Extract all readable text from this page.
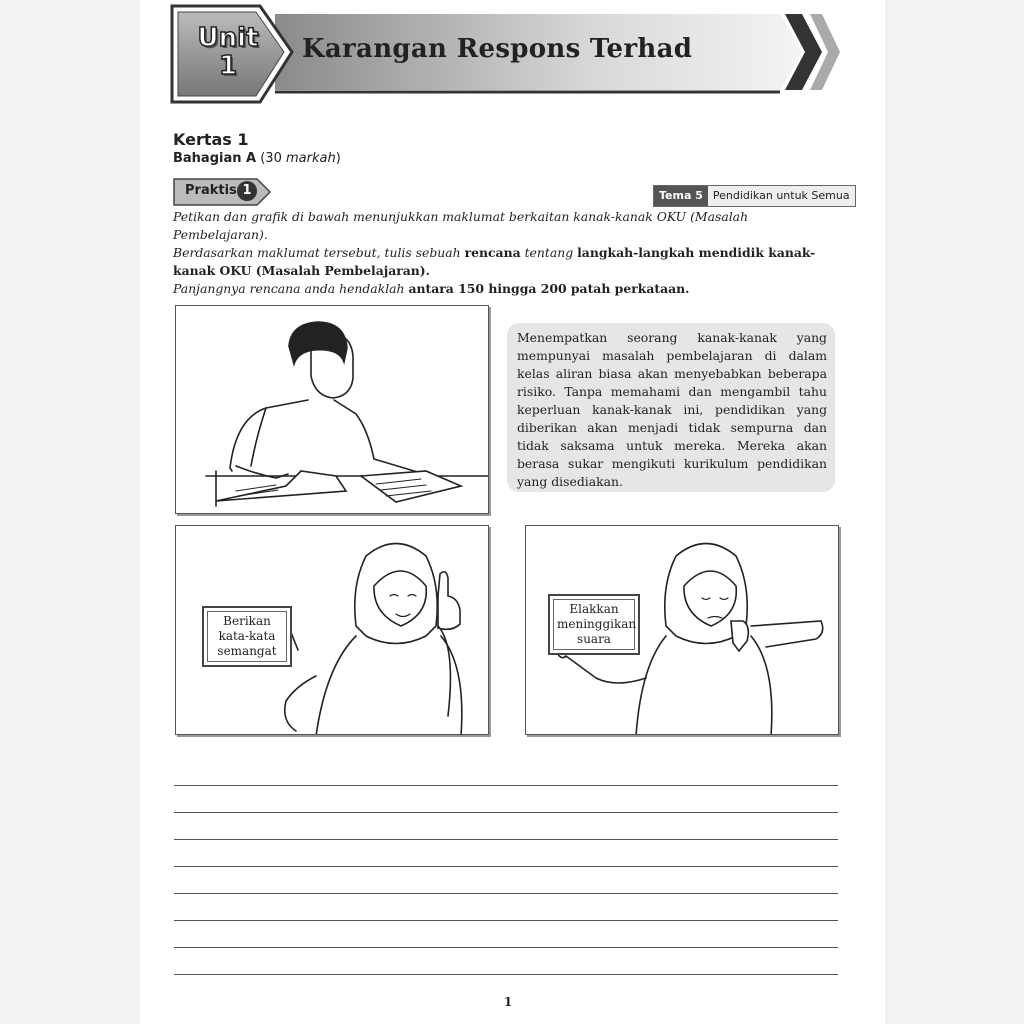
Unit
1
Karangan Respons Terhad
Kertas 1
Bahagian A (30 markah)
Praktis 1	Tema 5 Pendidikan untuk Semua
Petikan dan grafik di bawah menunjukkan maklumat berkaitan kanak-kanak OKU (Masalah Pembelajaran).
Berdasarkan maklumat tersebut, tulis sebuah rencana tentang langkah-langkah mendidik kanak-kanak OKU (Masalah Pembelajaran).
Panjangnya rencana anda hendaklah antara 150 hingga 200 patah perkataan.
Menempatkan seorang kanak-kanak yang mempunyai masalah pembelajaran di dalam kelas aliran biasa akan menyebabkan beberapa risiko. Tanpa memahami dan mengambil tahu keperluan kanak-kanak ini, pendidikan yang diberikan akan menjadi tidak sempurna dan tidak saksama untuk mereka. Mereka akan berasa sukar mengikuti kurikulum pendidikan yang disediakan.
Berikan
kata-kata
semangat
Elakkan
meninggikan
suara
1
